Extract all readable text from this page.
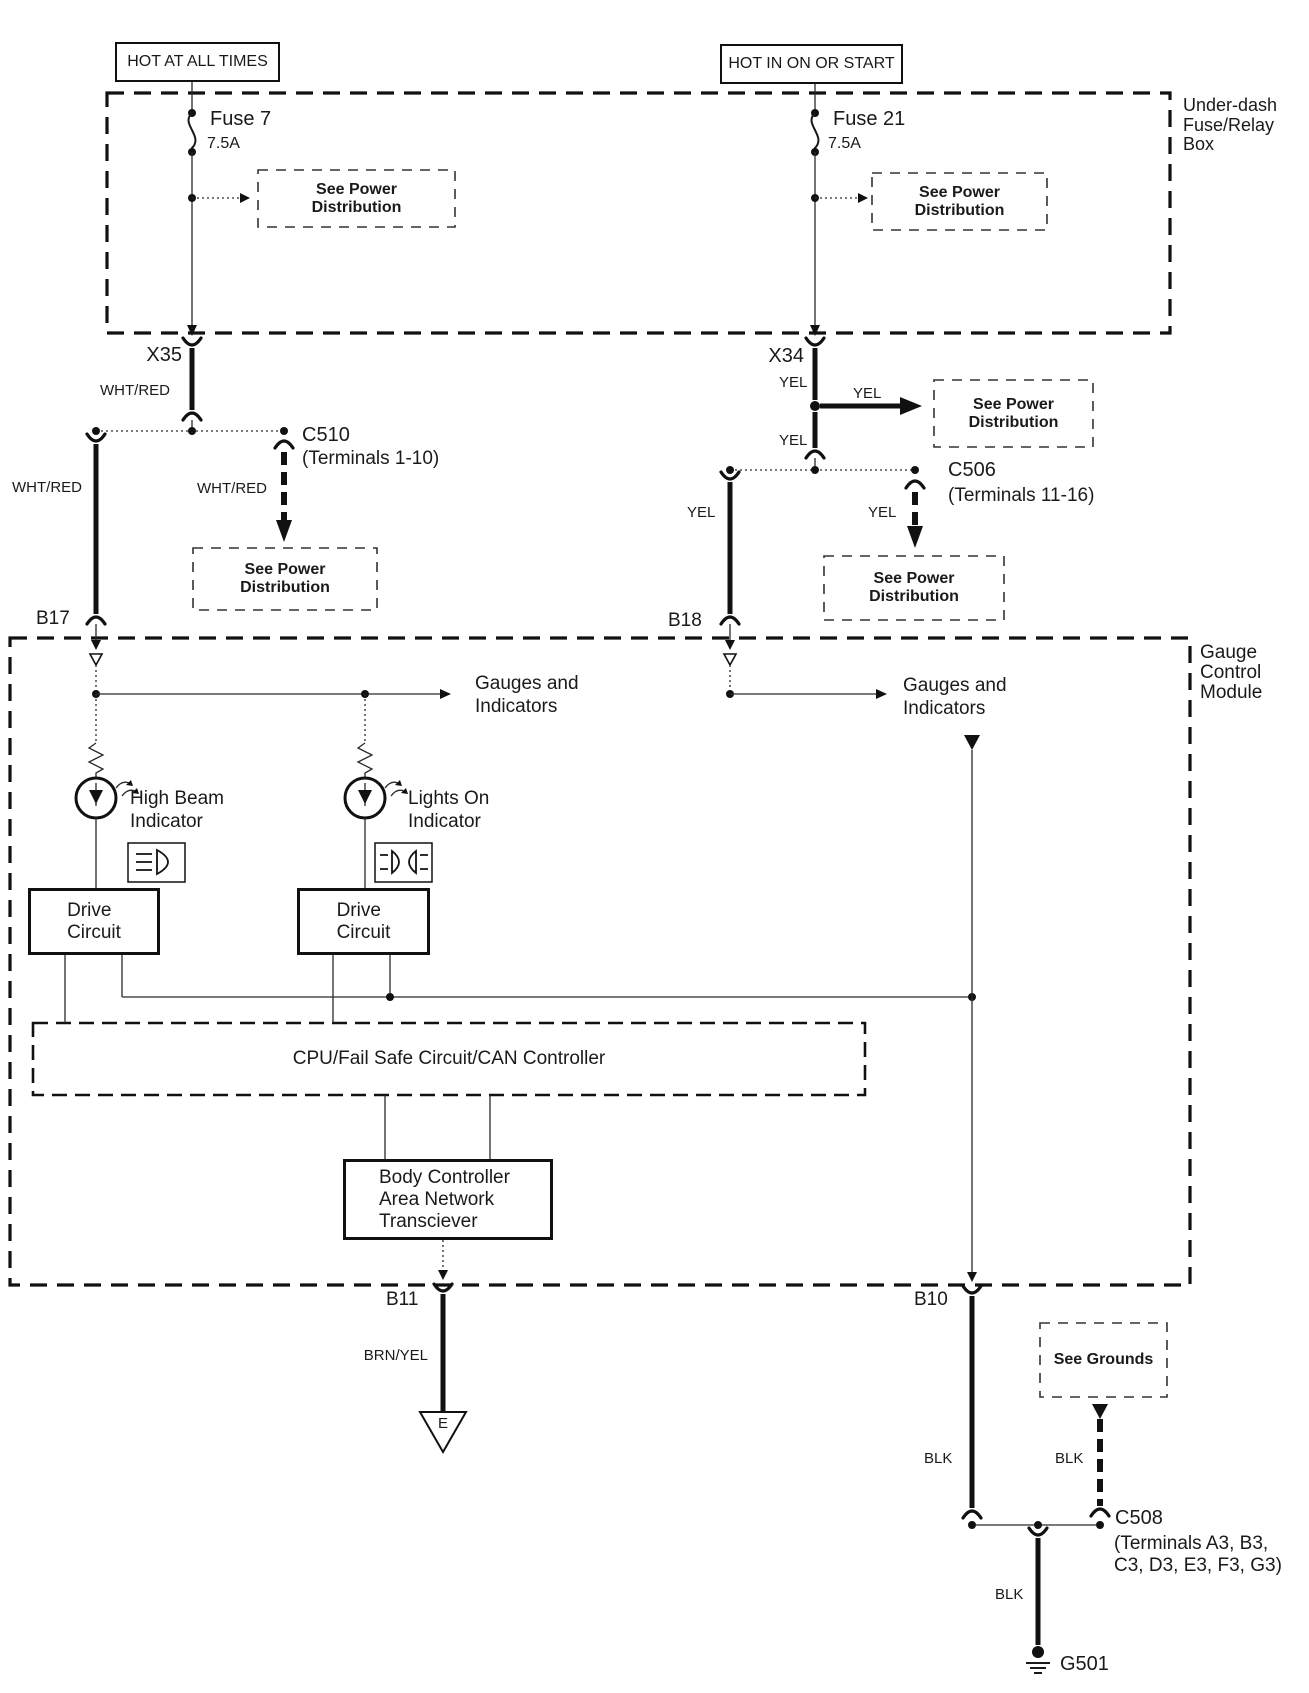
HOT AT ALL TIMES	HOT IN ON OR START
Drive
Circuit
Drive
Circuit
Body Controller
Area Network
Transciever
CPU/Fail Safe Circuit/CAN Controller
See Power
Distribution
See Power
Distribution
See Power
Distribution
See Power
Distribution
See Power
Distribution
See Grounds
Under-dash
Fuse/Relay
Box
Fuse 7
7.5A
Fuse 21
7.5A
X35	X34
WHT/RED
WHT/RED	WHT/RED
YEL
YEL
YEL
YEL	YEL
C510
(Terminals 1-10)
C506
(Terminals 11-16)
B17	B18
Gauge
Control
Module
Gauges and
Indicators
Gauges and
Indicators
High Beam
Indicator
Lights On
Indicator
B11	B10
BRN/YEL
E
BLK	BLK
BLK
C508
(Terminals A3, B3,
C3, D3, E3, F3, G3)
G501
